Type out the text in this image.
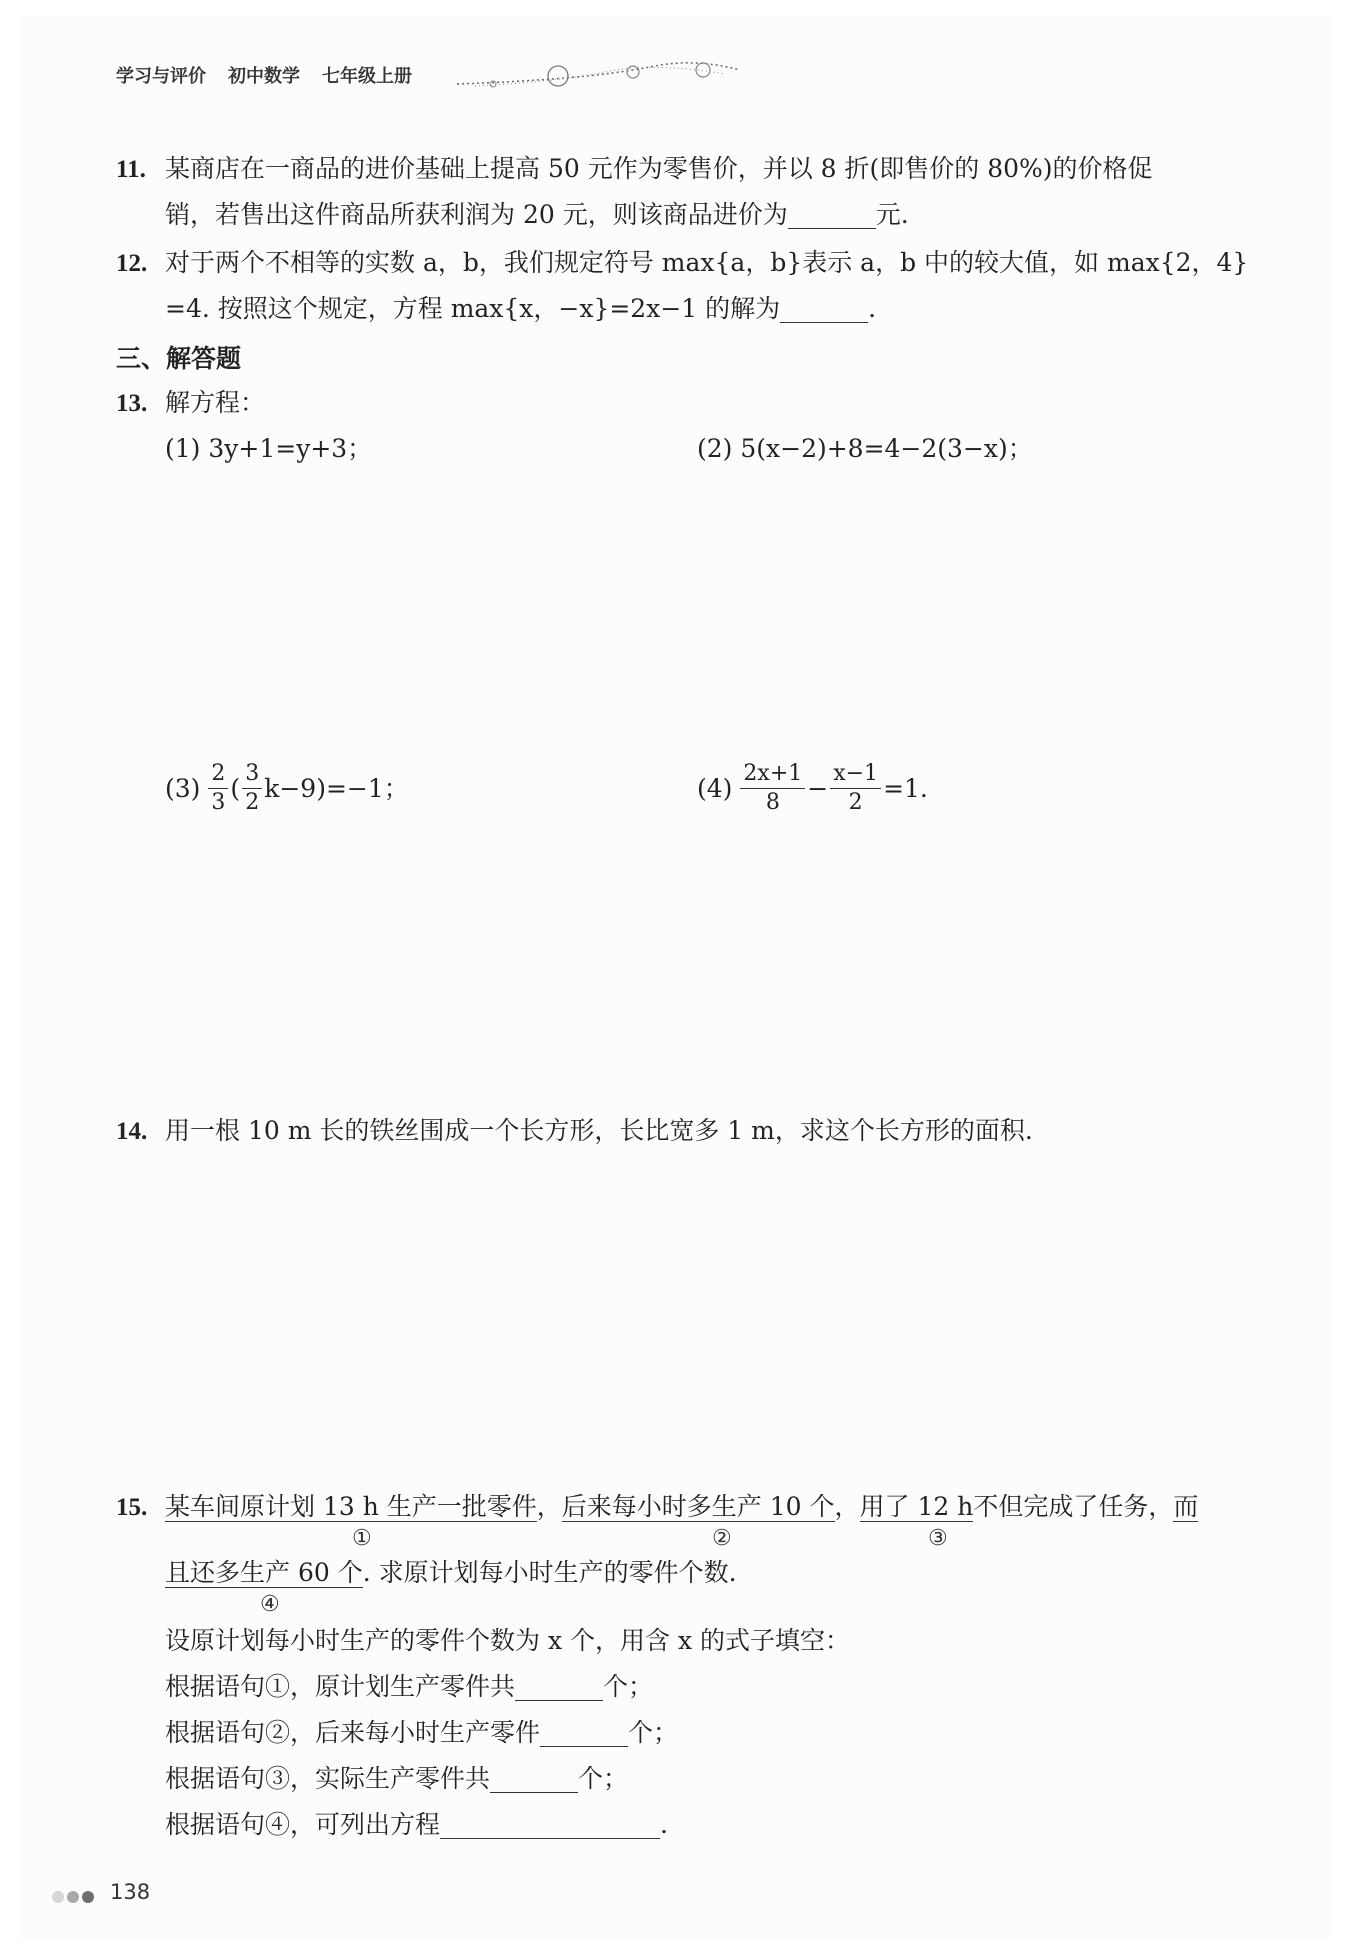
学习与评价 初中数学 七年级上册
11. 某商店在一商品的进价基础上提高 50 元作为零售价，并以 8 折(即售价的 80%)的价格促
销，若售出这件商品所获利润为 20 元，则该商品进价为	元.
12. 对于两个不相等的实数 a，b，我们规定符号 max{a，b}表示 a，b 中的较大值，如 max{2，4}
=4. 按照这个规定，方程 max{x，−x}=2x−1 的解为	.
三、解答题
13. 解方程：
(1) 3y+1=y+3；	(2) 5(x−2)+8=4−2(3−x)；
$(3) \frac{2}{3}$ ( $\frac{3}{2} k-9)=-1$；	$(4) \frac{2x+1}{8} - \frac{x-1}{2} =1$.
14. 用一根 10 m 长的铁丝围成一个长方形，长比宽多 1 m，求这个长方形的面积.
15. 某车间原计划 13 h 生产一批零件，后来每小时多生产 10 个，用了 12 h不但完成了任务，而
①	②	③
且还多生产 60 个. 求原计划每小时生产的零件个数.
④
设原计划每小时生产的零件个数为 x 个，用含 x 的式子填空：
根据语句①，原计划生产零件共	个；
根据语句②，后来每小时生产零件	个；
根据语句③，实际生产零件共	个；
根据语句④，可列出方程	.
138
